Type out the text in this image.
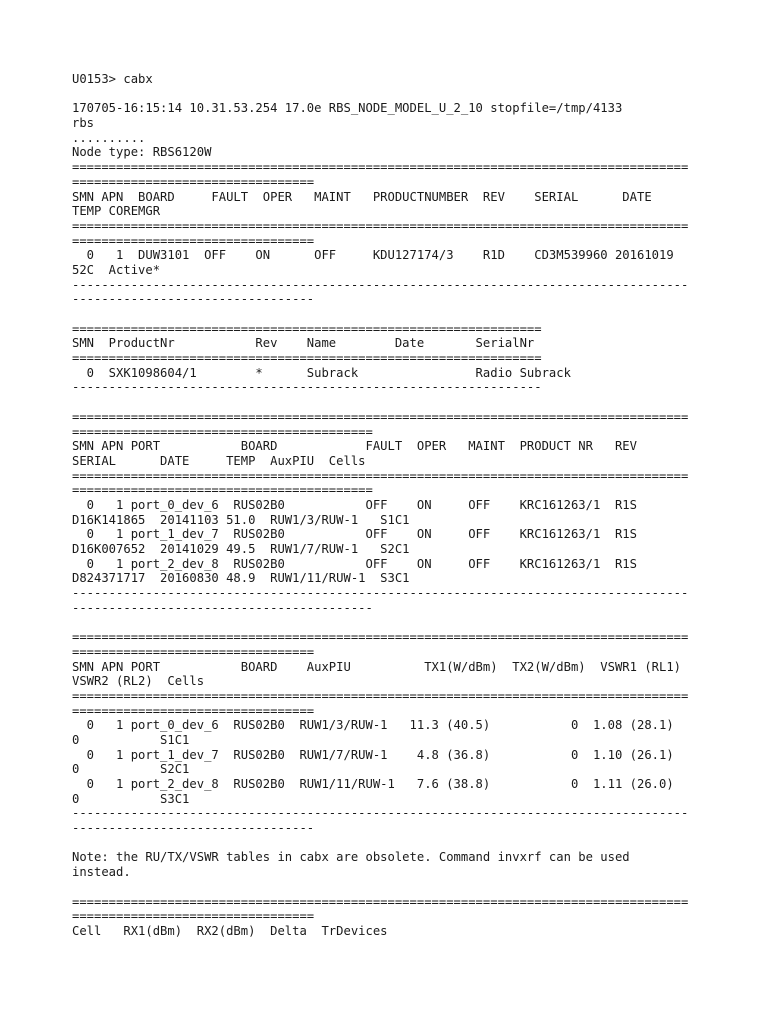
U0153> cabx

170705-16:15:14 10.31.53.254 17.0e RBS_NODE_MODEL_U_2_10 stopfile=/tmp/4133
rbs
..........
Node type: RBS6120W
====================================================================================
=================================
SMN APN  BOARD     FAULT  OPER   MAINT   PRODUCTNUMBER  REV    SERIAL      DATE
TEMP COREMGR
====================================================================================
=================================
0   1  DUW3101  OFF    ON      OFF     KDU127174/3    R1D    CD3M539960 20161019
52C  Active*
------------------------------------------------------------------------------------
---------------------------------

================================================================
SMN  ProductNr           Rev    Name        Date       SerialNr
================================================================
0  SXK1098604/1        *      Subrack                Radio Subrack
----------------------------------------------------------------

====================================================================================
=========================================
SMN APN PORT           BOARD            FAULT  OPER   MAINT  PRODUCT NR   REV
SERIAL      DATE     TEMP  AuxPIU  Cells
====================================================================================
=========================================
0   1 port_0_dev_6  RUS02B0           OFF    ON     OFF    KRC161263/1  R1S
D16K141865  20141103 51.0  RUW1/3/RUW-1   S1C1
0   1 port_1_dev_7  RUS02B0           OFF    ON     OFF    KRC161263/1  R1S
D16K007652  20141029 49.5  RUW1/7/RUW-1   S2C1
0   1 port_2_dev_8  RUS02B0           OFF    ON     OFF    KRC161263/1  R1S
D824371717  20160830 48.9  RUW1/11/RUW-1  S3C1
------------------------------------------------------------------------------------
-----------------------------------------

====================================================================================
=================================
SMN APN PORT           BOARD    AuxPIU          TX1(W/dBm)  TX2(W/dBm)  VSWR1 (RL1)
VSWR2 (RL2)  Cells
====================================================================================
=================================
0   1 port_0_dev_6  RUS02B0  RUW1/3/RUW-1   11.3 (40.5)           0  1.08 (28.1)
0           S1C1
0   1 port_1_dev_7  RUS02B0  RUW1/7/RUW-1    4.8 (36.8)           0  1.10 (26.1)
0           S2C1
0   1 port_2_dev_8  RUS02B0  RUW1/11/RUW-1   7.6 (38.8)           0  1.11 (26.0)
0           S3C1
------------------------------------------------------------------------------------
---------------------------------

Note: the RU/TX/VSWR tables in cabx are obsolete. Command invxrf can be used
instead.

====================================================================================
=================================
Cell   RX1(dBm)  RX2(dBm)  Delta  TrDevices
